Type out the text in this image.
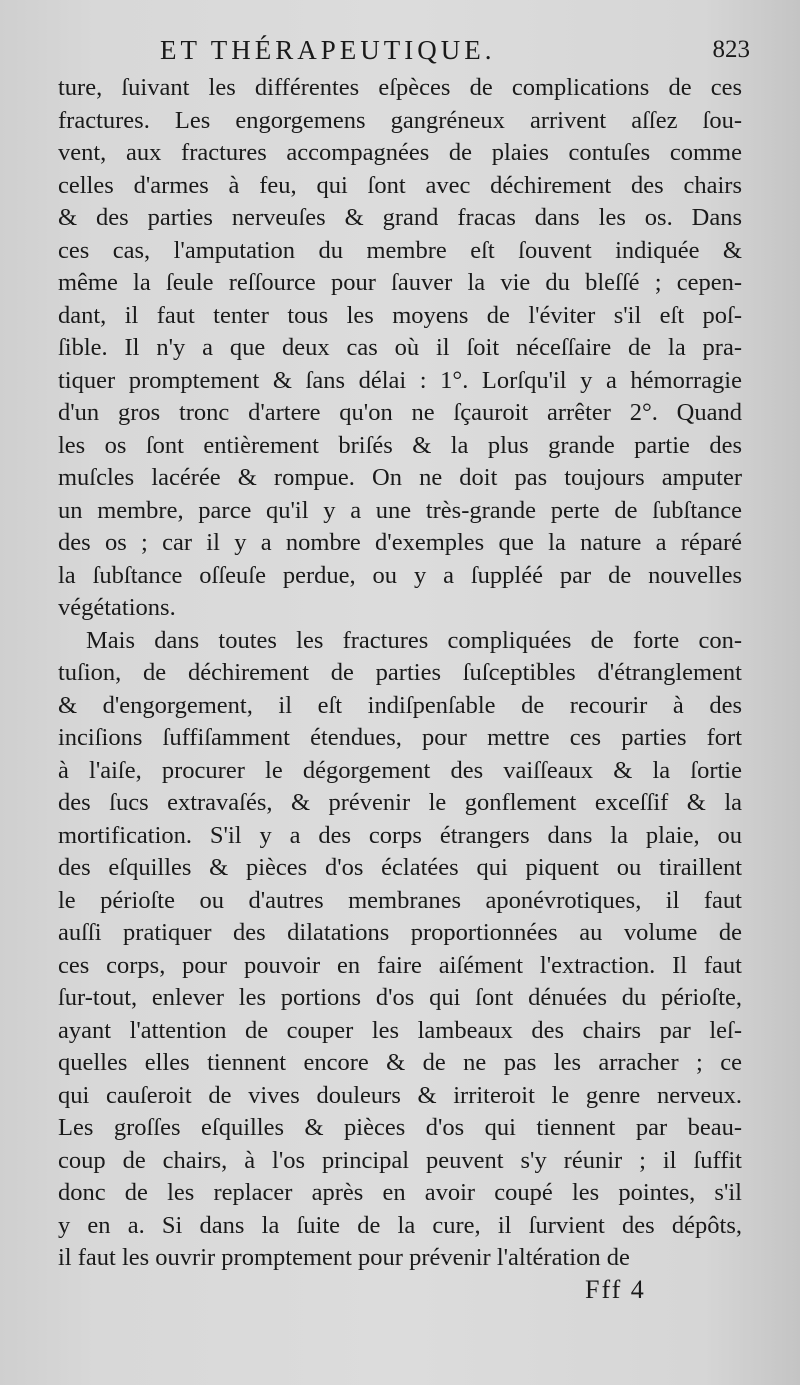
ET THÉRAPEUTIQUE.	823
ture, ſuivant les différentes eſpèces de complications de ces
fractures. Les engorgemens gangréneux arrivent aſſez ſou-
vent, aux fractures accompagnées de plaies contuſes comme
celles d'armes à feu, qui ſont avec déchirement des chairs
& des parties nerveuſes & grand fracas dans les os. Dans
ces cas, l'amputation du membre eſt ſouvent indiquée &
même la ſeule reſſource pour ſauver la vie du bleſſé ; cepen-
dant, il faut tenter tous les moyens de l'éviter s'il eſt poſ-
ſible. Il n'y a que deux cas où il ſoit néceſſaire de la pra-
tiquer promptement & ſans délai : 1°. Lorſqu'il y a hémorragie
d'un gros tronc d'artere qu'on ne ſçauroit arrêter 2°. Quand
les os ſont entièrement briſés & la plus grande partie des
muſcles lacérée & rompue. On ne doit pas toujours amputer
un membre, parce qu'il y a une très-grande perte de ſubſtance
des os ; car il y a nombre d'exemples que la nature a réparé
la ſubſtance oſſeuſe perdue, ou y a ſuppléé par de nouvelles
végétations.
Mais dans toutes les fractures compliquées de forte con-
tuſion, de déchirement de parties ſuſceptibles d'étranglement
& d'engorgement, il eſt indiſpenſable de recourir à des
inciſions ſuffiſamment étendues, pour mettre ces parties fort
à l'aiſe, procurer le dégorgement des vaiſſeaux & la ſortie
des ſucs extravaſés, & prévenir le gonflement exceſſif & la
mortification. S'il y a des corps étrangers dans la plaie, ou
des eſquilles & pièces d'os éclatées qui piquent ou tiraillent
le périoſte ou d'autres membranes aponévrotiques, il faut
auſſi pratiquer des dilatations proportionnées au volume de
ces corps, pour pouvoir en faire aiſément l'extraction. Il faut
ſur-tout, enlever les portions d'os qui ſont dénuées du périoſte,
ayant l'attention de couper les lambeaux des chairs par leſ-
quelles elles tiennent encore & de ne pas les arracher ; ce
qui cauſeroit de vives douleurs & irriteroit le genre nerveux.
Les groſſes eſquilles & pièces d'os qui tiennent par beau-
coup de chairs, à l'os principal peuvent s'y réunir ; il ſuffit
donc de les replacer après en avoir coupé les pointes, s'il
y en a. Si dans la ſuite de la cure, il ſurvient des dépôts,
il faut les ouvrir promptement pour prévenir l'altération de
Fff 4
